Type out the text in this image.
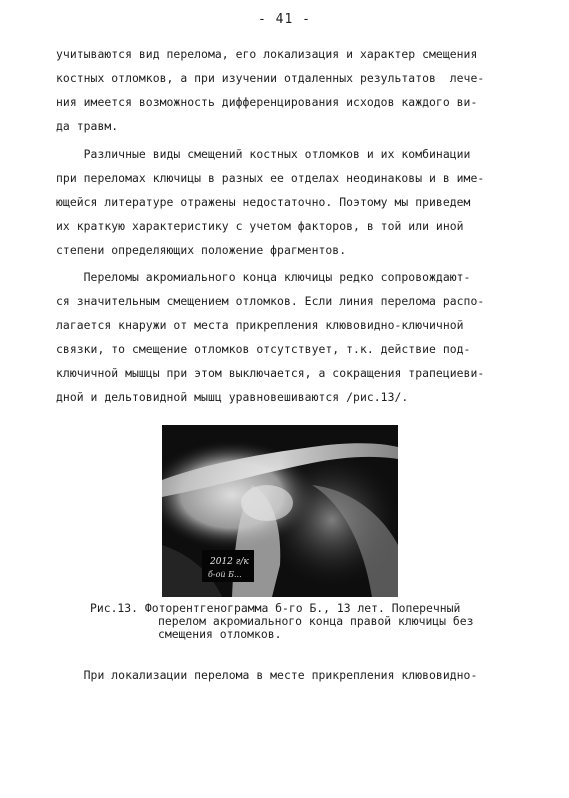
- 41 -
учитываются вид перелома, его локализация и характер смещения
костных отломков, а при изучении отдаленных результатов  лече-
ния имеется возможность дифференцирования исходов каждого ви-
да травм.
Различные виды смещений костных отломков и их комбинации
при переломах ключицы в разных ее отделах неодинаковы и в име-
ющейся литературе отражены недостаточно. Поэтому мы приведем
их краткую характеристику с учетом факторов, в той или иной
степени определяющих положение фрагментов.
Переломы акромиального конца ключицы редко сопровождают-
ся значительным смещением отломков. Если линия перелома распо-
лагается кнаружи от места прикрепления клювовидно-ключичной
связки, то смещение отломков отсутствует, т.к. действие под-
ключичной мышцы при этом выключается, а сокращения трапециеви-
дной и дельтовидной мышц уравновешиваются /рис.13/.
2012 г/к
б-ой Б...
Рис.13. Фоторентгенограмма б-го Б., 13 лет. Поперечный
перелом акромиального конца правой ключицы без
смещения отломков.
При локализации перелома в месте прикрепления клювовидно-
